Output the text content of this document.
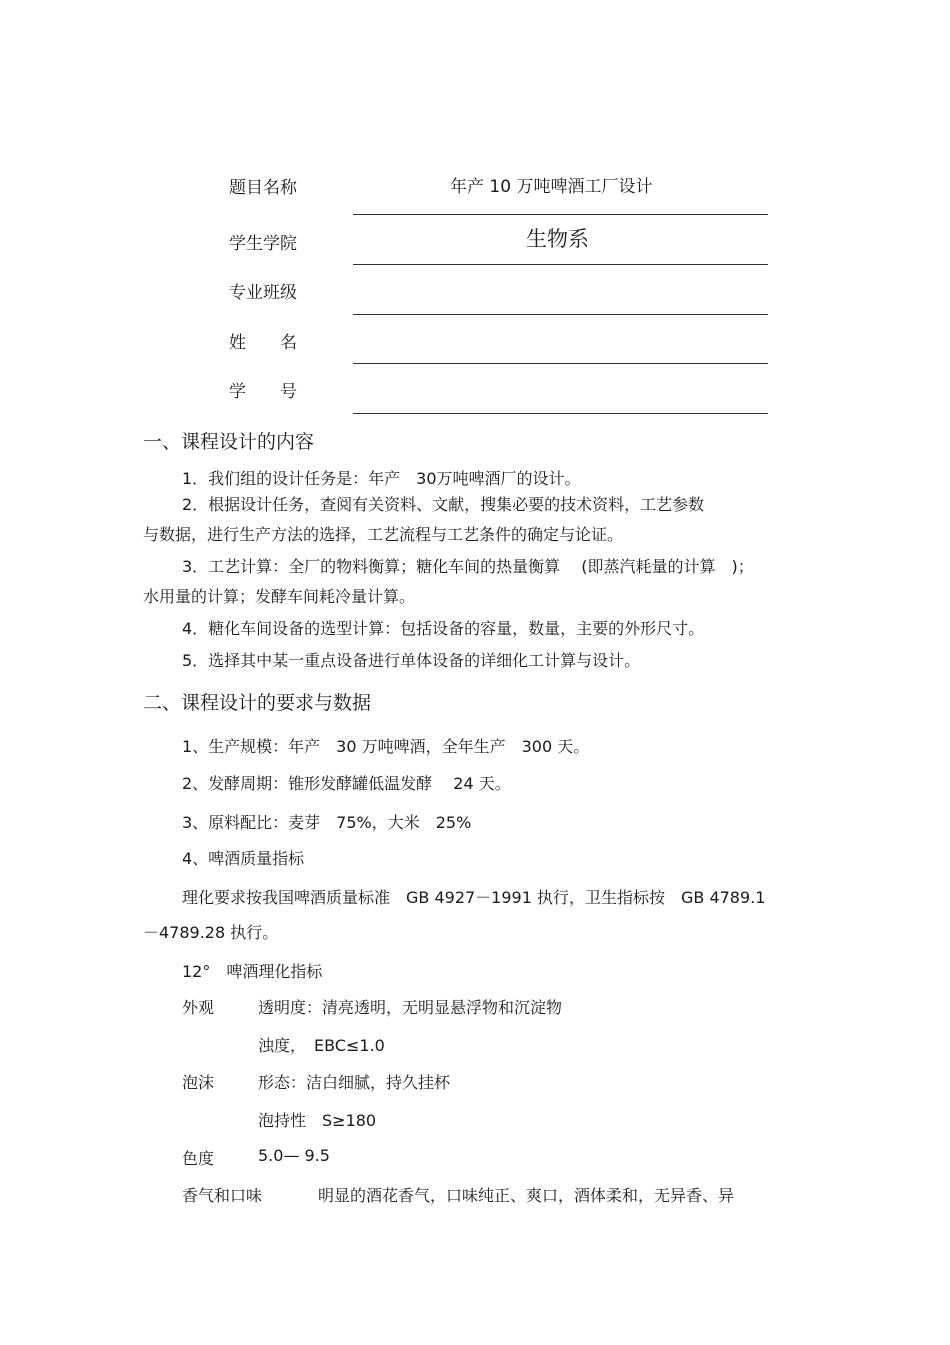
题目名称	年产 10 万吨啤酒工厂设计
学生学院	生物系
专业班级
姓　　名
学　　号
一、课程设计的内容
1．我们组的设计任务是：年产　30万吨啤酒厂的设计。
2．根据设计任务，查阅有关资料、文献，搜集必要的技术资料，工艺参数
与数据，进行生产方法的选择，工艺流程与工艺条件的确定与论证。
3．工艺计算：全厂的物料衡算；糖化车间的热量衡算　 (即蒸汽耗量的计算　)；
水用量的计算；发酵车间耗冷量计算。
4．糖化车间设备的选型计算：包括设备的容量，数量，主要的外形尺寸。
5．选择其中某一重点设备进行单体设备的详细化工计算与设计。
二、课程设计的要求与数据
1、生产规模：年产　30 万吨啤酒，全年生产　300 天。
2、发酵周期：锥形发酵罐低温发酵　 24 天。
3、原料配比：麦芽　75%，大米　25%
4、啤酒质量指标
理化要求按我国啤酒质量标准　GB 4927－1991 执行，卫生指标按　GB 4789.1
－4789.28 执行。
12°　啤酒理化指标
外观	透明度：清亮透明，无明显悬浮物和沉淀物
浊度，　EBC≤1.0
泡沫	形态：洁白细腻，持久挂杯
泡持性　S≥180
色度	5.0— 9.5
香气和口味	明显的酒花香气，口味纯正、爽口，酒体柔和，无异香、异
